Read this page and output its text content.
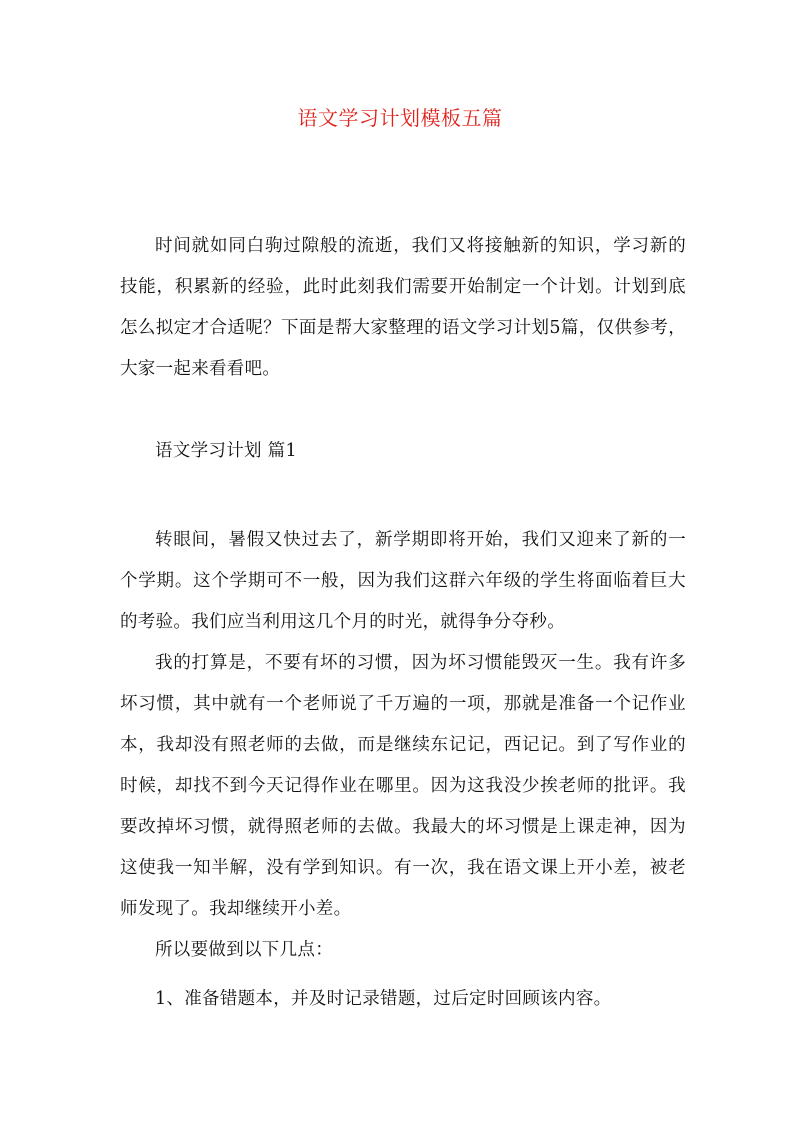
语文学习计划模板五篇

时间就如同白驹过隙般的流逝，我们又将接触新的知识，学习新的技能，积累新的经验，此时此刻我们需要开始制定一个计划。计划到底怎么拟定才合适呢？下面是帮大家整理的语文学习计划5篇，仅供参考，大家一起来看看吧。

语文学习计划 篇1

转眼间，暑假又快过去了，新学期即将开始，我们又迎来了新的一个学期。这个学期可不一般，因为我们这群六年级的学生将面临着巨大的考验。我们应当利用这几个月的时光，就得争分夺秒。

我的打算是，不要有坏的习惯，因为坏习惯能毁灭一生。我有许多坏习惯，其中就有一个老师说了千万遍的一项，那就是准备一个记作业本，我却没有照老师的去做，而是继续东记记，西记记。到了写作业的时候，却找不到今天记得作业在哪里。因为这我没少挨老师的批评。我要改掉坏习惯，就得照老师的去做。我最大的坏习惯是上课走神，因为这使我一知半解，没有学到知识。有一次，我在语文课上开小差，被老师发现了。我却继续开小差。

所以要做到以下几点：

1、准备错题本，并及时记录错题，过后定时回顾该内容。
